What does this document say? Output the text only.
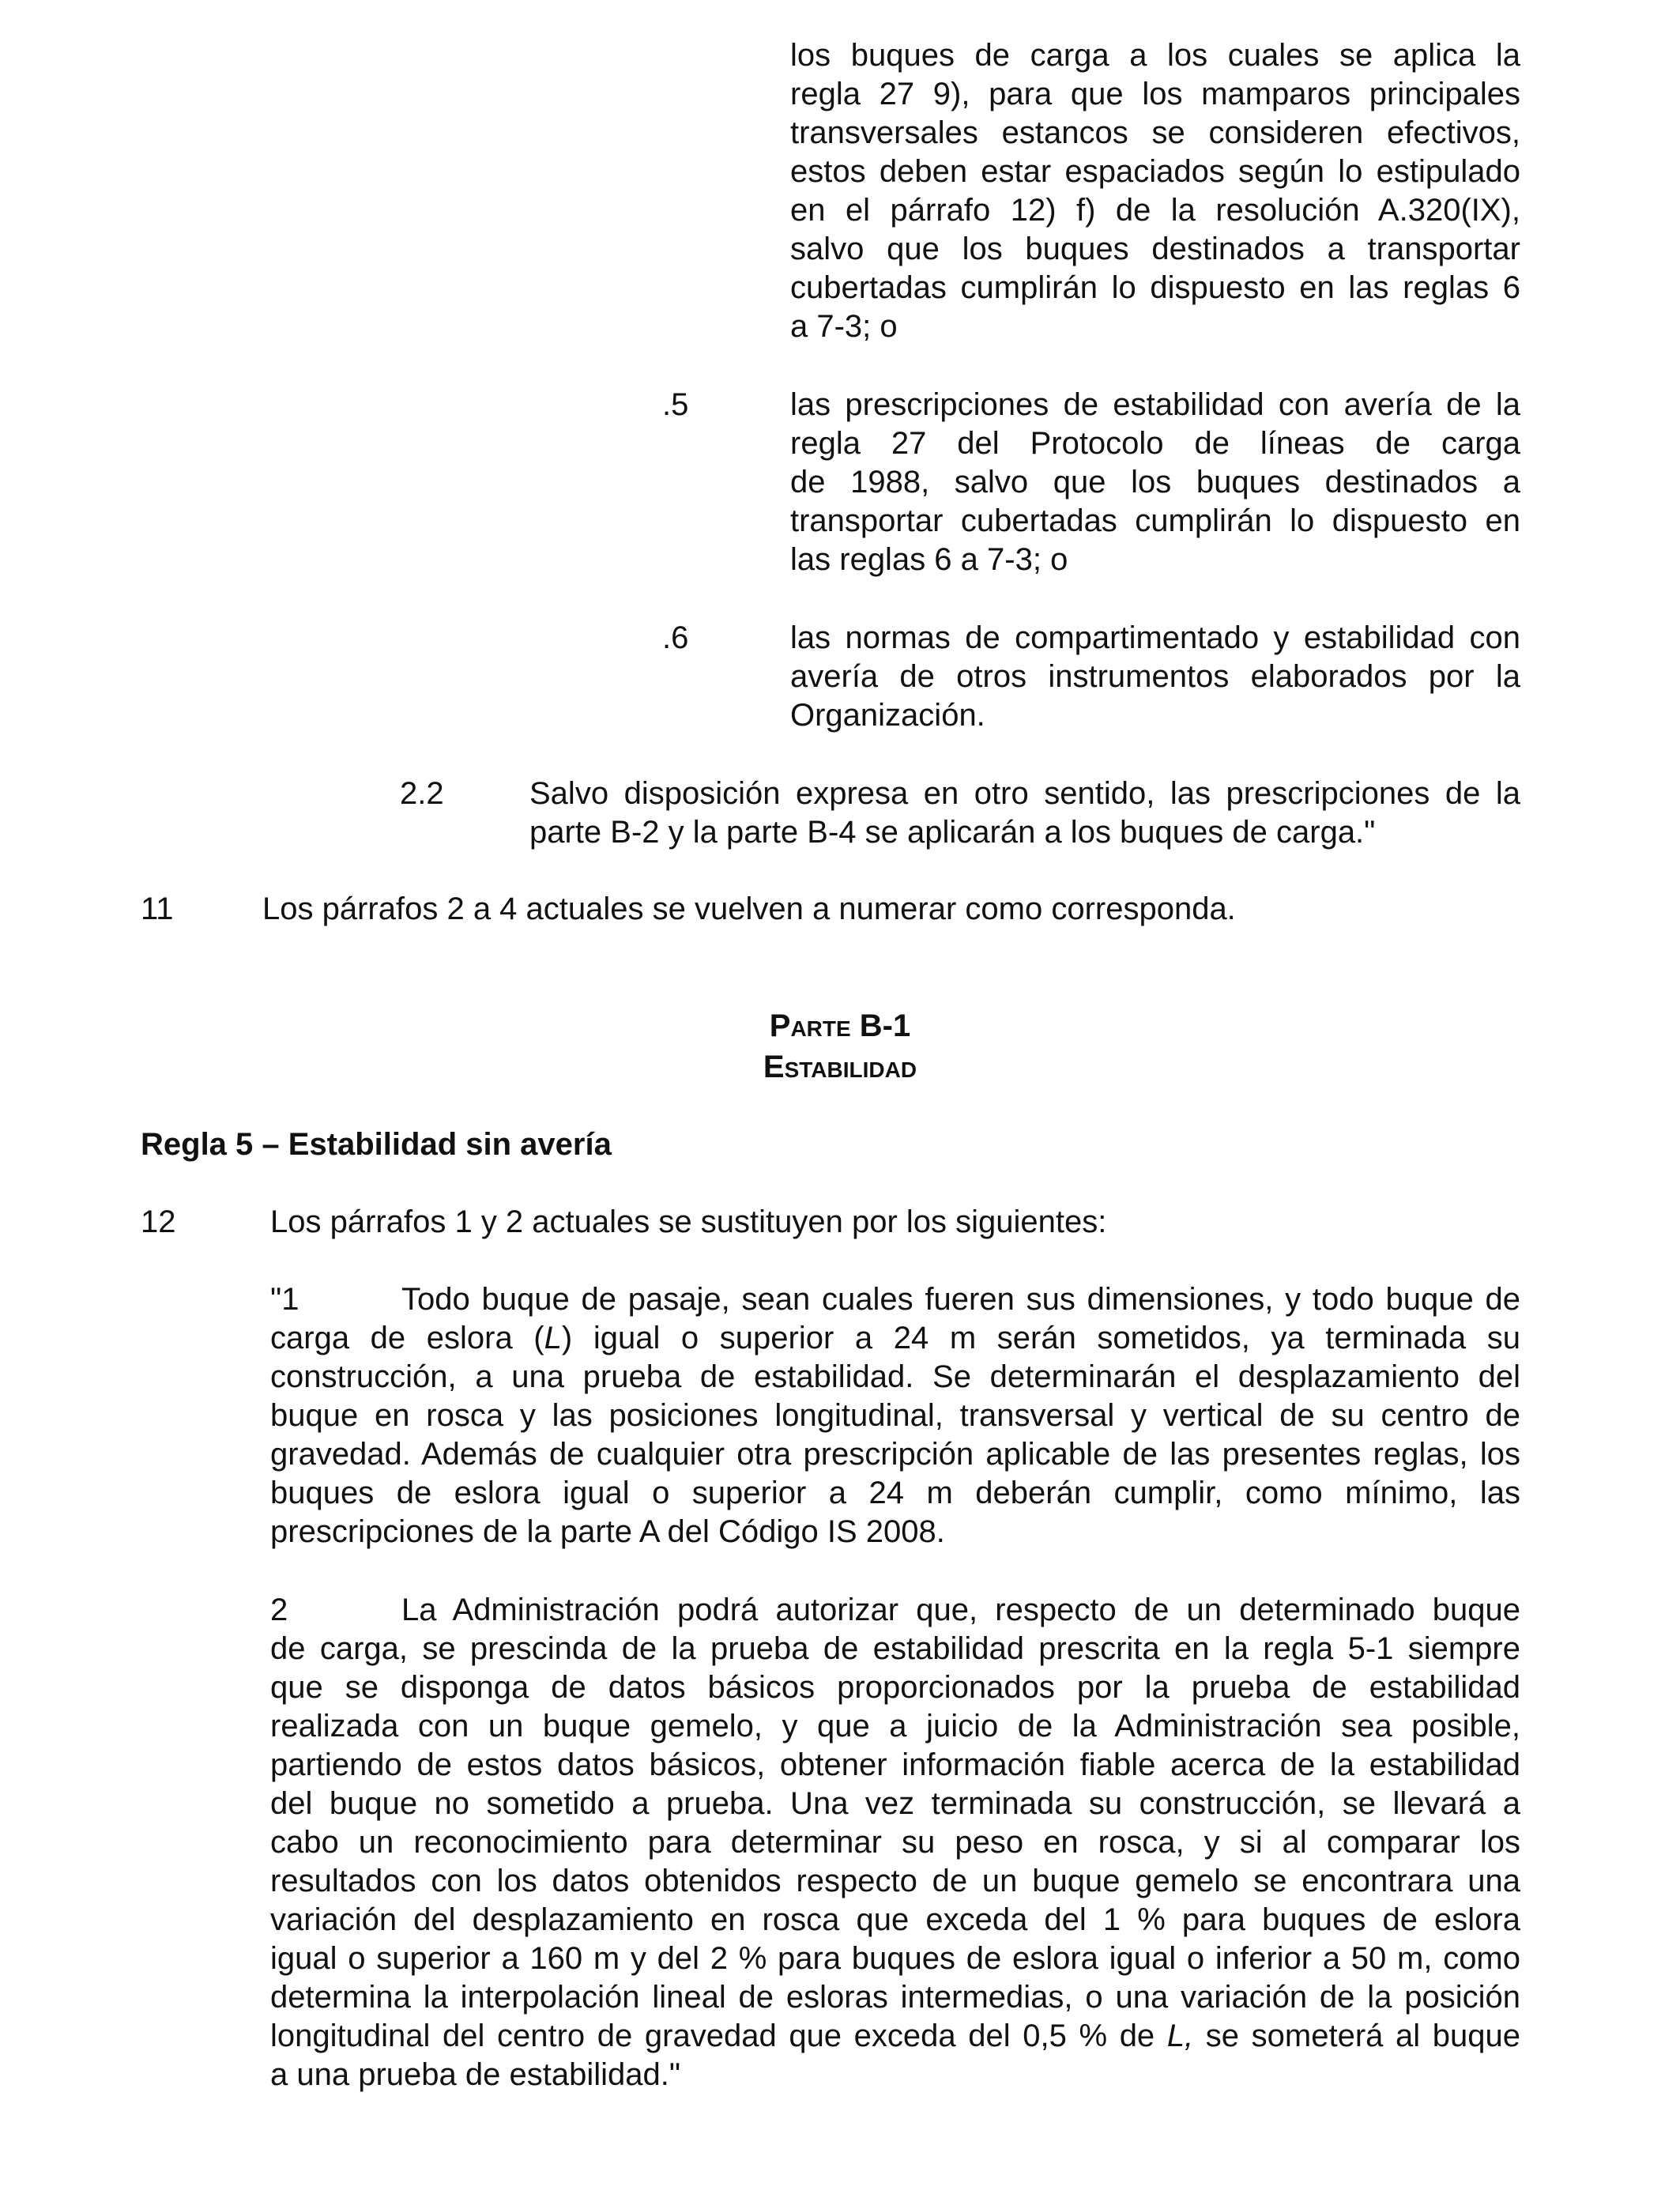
los buques de carga a los cuales se aplica la
regla 27 9), para que los mamparos principales
transversales estancos se consideren efectivos,
estos deben estar espaciados según lo estipulado
en el párrafo 12) f) de la resolución A.320(IX),
salvo que los buques destinados a transportar
cubertadas cumplirán lo dispuesto en las reglas 6
a 7-3; o
.5	las prescripciones de estabilidad con avería de la
regla 27 del Protocolo de líneas de carga
de 1988, salvo que los buques destinados a
transportar cubertadas cumplirán lo dispuesto en
las reglas 6 a 7-3; o
.6	las normas de compartimentado y estabilidad con
avería de otros instrumentos elaborados por la
Organización.
2.2	Salvo disposición expresa en otro sentido, las prescripciones de la
parte B-2 y la parte B-4 se aplicarán a los buques de carga."
11	Los párrafos 2 a 4 actuales se vuelven a numerar como corresponda.
Parte B-1
Estabilidad
Regla 5 – Estabilidad sin avería
12	Los párrafos 1 y 2 actuales se sustituyen por los siguientes:
"1	Todo buque de pasaje, sean cuales fueren sus dimensiones, y todo buque de
carga de eslora (L) igual o superior a 24 m serán sometidos, ya terminada su
construcción, a una prueba de estabilidad. Se determinarán el desplazamiento del
buque en rosca y las posiciones longitudinal, transversal y vertical de su centro de
gravedad. Además de cualquier otra prescripción aplicable de las presentes reglas, los
buques de eslora igual o superior a 24 m deberán cumplir, como mínimo, las
prescripciones de la parte A del Código IS 2008.
2	La Administración podrá autorizar que, respecto de un determinado buque
de carga, se prescinda de la prueba de estabilidad prescrita en la regla 5-1 siempre
que se disponga de datos básicos proporcionados por la prueba de estabilidad
realizada con un buque gemelo, y que a juicio de la Administración sea posible,
partiendo de estos datos básicos, obtener información fiable acerca de la estabilidad
del buque no sometido a prueba. Una vez terminada su construcción, se llevará a
cabo un reconocimiento para determinar su peso en rosca, y si al comparar los
resultados con los datos obtenidos respecto de un buque gemelo se encontrara una
variación del desplazamiento en rosca que exceda del 1 % para buques de eslora
igual o superior a 160 m y del 2 % para buques de eslora igual o inferior a 50 m, como
determina la interpolación lineal de esloras intermedias, o una variación de la posición
longitudinal del centro de gravedad que exceda del 0,5 % de L, se someterá al buque
a una prueba de estabilidad."
